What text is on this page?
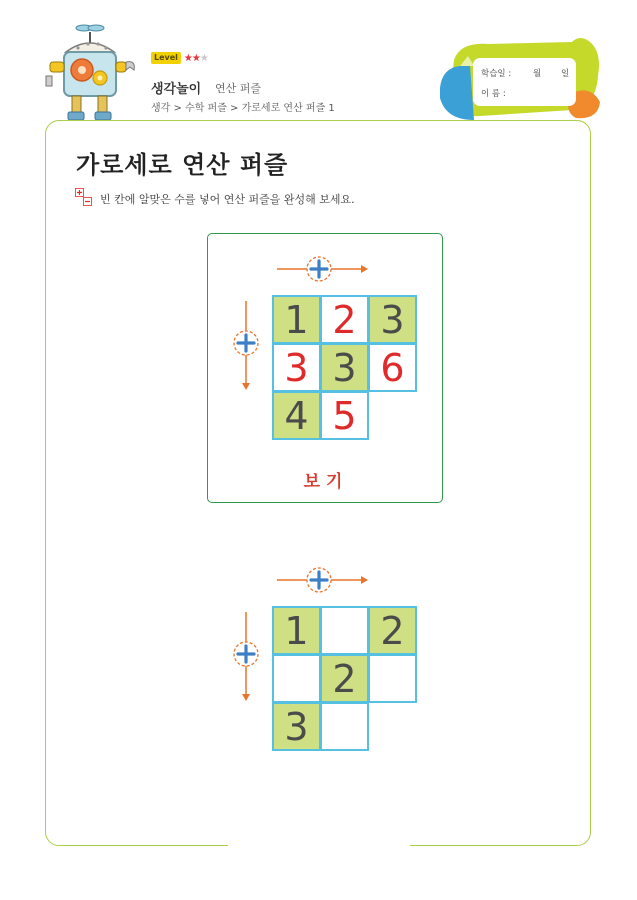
Level ★★★
생각놀이 연산 퍼즐
생각 > 수학 퍼즐 > 가로세로 연산 퍼즐 1
학습일 :	월 일
이 름 :
가로세로 연산 퍼즐
빈 칸에 알맞은 수를 넣어 연산 퍼즐을 완성해 보세요.
보기
1 2 3
3 3 6
4 5
1	2
2
3
